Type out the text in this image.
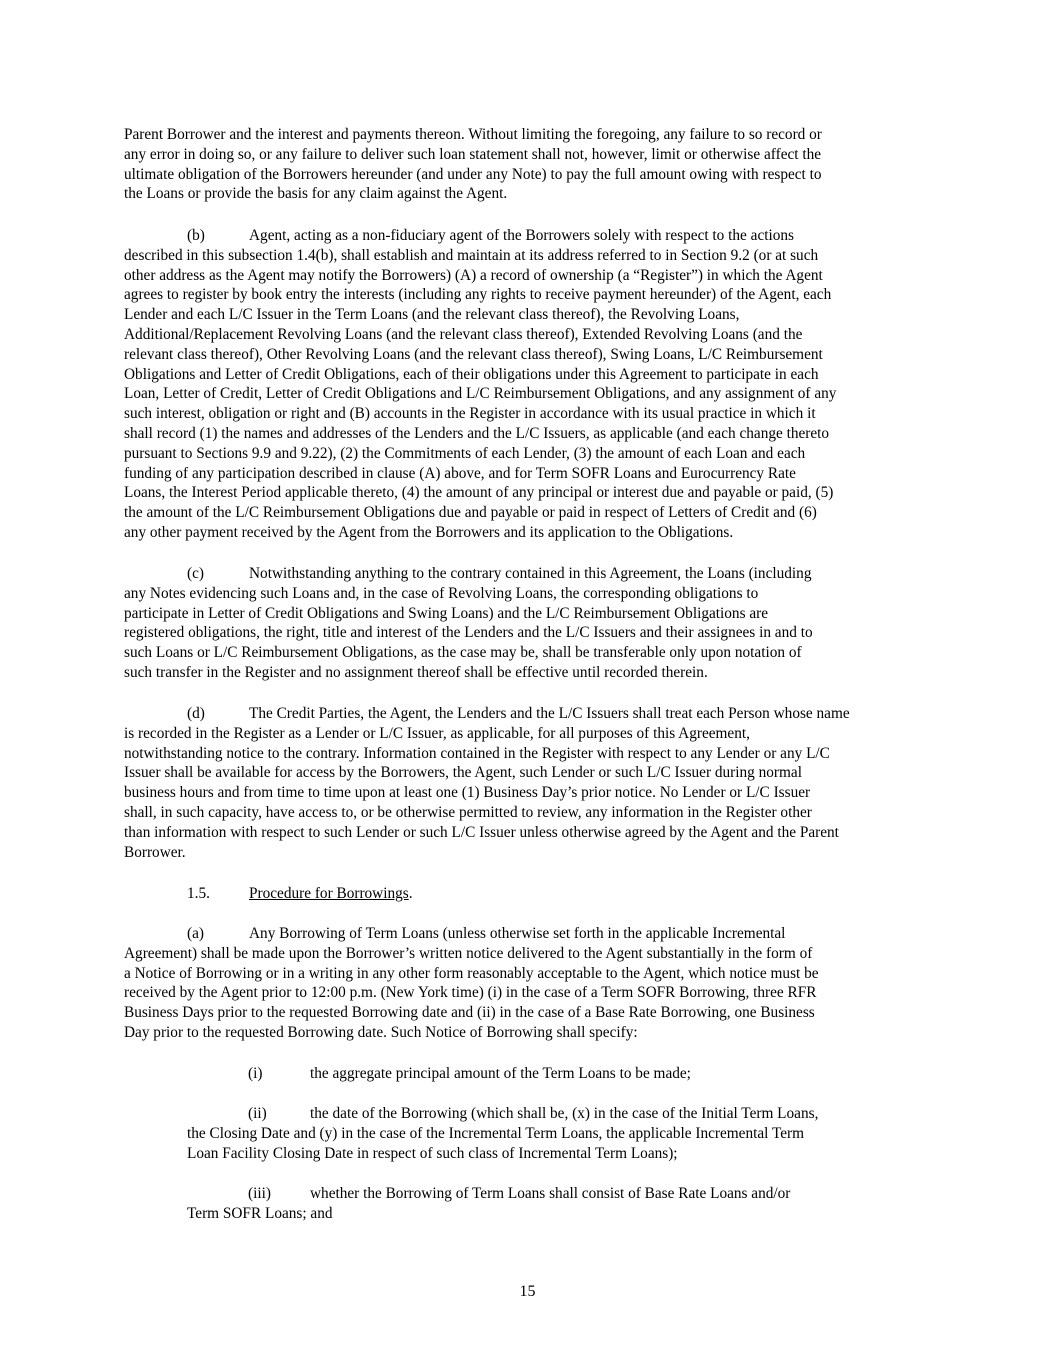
Parent Borrower and the interest and payments thereon. Without limiting the foregoing, any failure to so record or
any error in doing so, or any failure to deliver such loan statement shall not, however, limit or otherwise affect the
ultimate obligation of the Borrowers hereunder (and under any Note) to pay the full amount owing with respect to
the Loans or provide the basis for any claim against the Agent.
(b)	Agent, acting as a non-fiduciary agent of the Borrowers solely with respect to the actions
described in this subsection 1.4(b), shall establish and maintain at its address referred to in Section 9.2 (or at such
other address as the Agent may notify the Borrowers) (A) a record of ownership (a “Register”) in which the Agent
agrees to register by book entry the interests (including any rights to receive payment hereunder) of the Agent, each
Lender and each L/C Issuer in the Term Loans (and the relevant class thereof), the Revolving Loans,
Additional/Replacement Revolving Loans (and the relevant class thereof), Extended Revolving Loans (and the
relevant class thereof), Other Revolving Loans (and the relevant class thereof), Swing Loans, L/C Reimbursement
Obligations and Letter of Credit Obligations, each of their obligations under this Agreement to participate in each
Loan, Letter of Credit, Letter of Credit Obligations and L/C Reimbursement Obligations, and any assignment of any
such interest, obligation or right and (B) accounts in the Register in accordance with its usual practice in which it
shall record (1) the names and addresses of the Lenders and the L/C Issuers, as applicable (and each change thereto
pursuant to Sections 9.9 and 9.22), (2) the Commitments of each Lender, (3) the amount of each Loan and each
funding of any participation described in clause (A) above, and for Term SOFR Loans and Eurocurrency Rate
Loans, the Interest Period applicable thereto, (4) the amount of any principal or interest due and payable or paid, (5)
the amount of the L/C Reimbursement Obligations due and payable or paid in respect of Letters of Credit and (6)
any other payment received by the Agent from the Borrowers and its application to the Obligations.
(c)	Notwithstanding anything to the contrary contained in this Agreement, the Loans (including
any Notes evidencing such Loans and, in the case of Revolving Loans, the corresponding obligations to
participate in Letter of Credit Obligations and Swing Loans) and the L/C Reimbursement Obligations are
registered obligations, the right, title and interest of the Lenders and the L/C Issuers and their assignees in and to
such Loans or L/C Reimbursement Obligations, as the case may be, shall be transferable only upon notation of
such transfer in the Register and no assignment thereof shall be effective until recorded therein.
(d)	The Credit Parties, the Agent, the Lenders and the L/C Issuers shall treat each Person whose name
is recorded in the Register as a Lender or L/C Issuer, as applicable, for all purposes of this Agreement,
notwithstanding notice to the contrary. Information contained in the Register with respect to any Lender or any L/C
Issuer shall be available for access by the Borrowers, the Agent, such Lender or such L/C Issuer during normal
business hours and from time to time upon at least one (1) Business Day’s prior notice. No Lender or L/C Issuer
shall, in such capacity, have access to, or be otherwise permitted to review, any information in the Register other
than information with respect to such Lender or such L/C Issuer unless otherwise agreed by the Agent and the Parent
Borrower.
1.5.	Procedure for Borrowings.
(a)	Any Borrowing of Term Loans (unless otherwise set forth in the applicable Incremental
Agreement) shall be made upon the Borrower’s written notice delivered to the Agent substantially in the form of
a Notice of Borrowing or in a writing in any other form reasonably acceptable to the Agent, which notice must be
received by the Agent prior to 12:00 p.m. (New York time) (i) in the case of a Term SOFR Borrowing, three RFR
Business Days prior to the requested Borrowing date and (ii) in the case of a Base Rate Borrowing, one Business
Day prior to the requested Borrowing date. Such Notice of Borrowing shall specify:
(i)	the aggregate principal amount of the Term Loans to be made;
(ii)	the date of the Borrowing (which shall be, (x) in the case of the Initial Term Loans,
the Closing Date and (y) in the case of the Incremental Term Loans, the applicable Incremental Term
Loan Facility Closing Date in respect of such class of Incremental Term Loans);
(iii)	whether the Borrowing of Term Loans shall consist of Base Rate Loans and/or
Term SOFR Loans; and
15
